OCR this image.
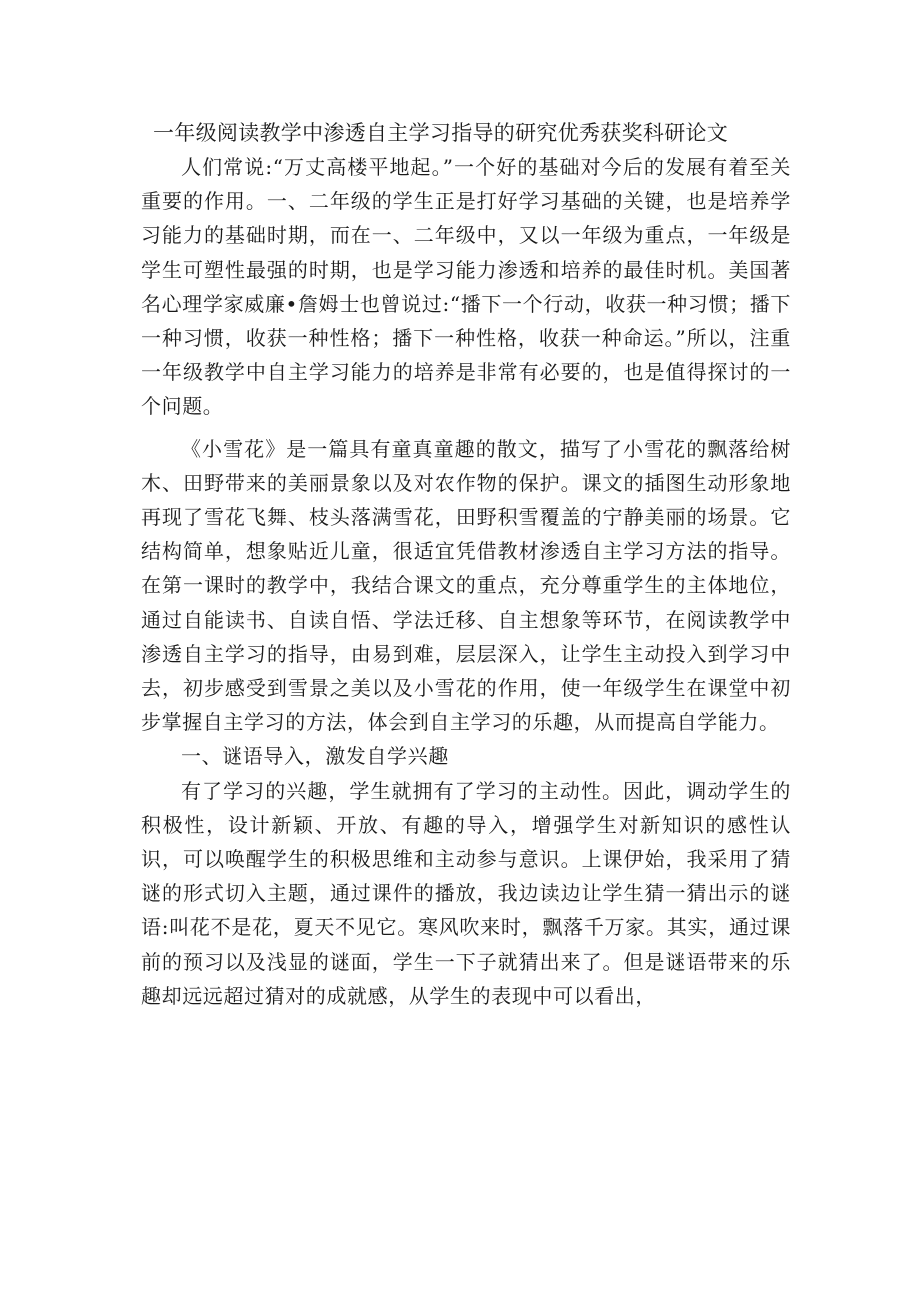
一年级阅读教学中渗透自主学习指导的研究优秀获奖科研论文

人们常说:“万丈高楼平地起。”一个好的基础对今后的发展有着至关重要的作用。一、二年级的学生正是打好学习基础的关键，也是培养学习能力的基础时期，而在一、二年级中，又以一年级为重点，一年级是学生可塑性最强的时期，也是学习能力渗透和培养的最佳时机。美国著名心理学家威廉•詹姆士也曾说过:“播下一个行动，收获一种习惯；播下一种习惯，收获一种性格；播下一种性格，收获一种命运。”所以，注重一年级教学中自主学习能力的培养是非常有必要的，也是值得探讨的一个问题。

《小雪花》是一篇具有童真童趣的散文，描写了小雪花的飘落给树木、田野带来的美丽景象以及对农作物的保护。课文的插图生动形象地再现了雪花飞舞、枝头落满雪花，田野积雪覆盖的宁静美丽的场景。它结构简单，想象贴近儿童，很适宜凭借教材渗透自主学习方法的指导。在第一课时的教学中，我结合课文的重点，充分尊重学生的主体地位，通过自能读书、自读自悟、学法迁移、自主想象等环节，在阅读教学中渗透自主学习的指导，由易到难，层层深入，让学生主动投入到学习中去，初步感受到雪景之美以及小雪花的作用，使一年级学生在课堂中初步掌握自主学习的方法，体会到自主学习的乐趣，从而提高自学能力。

一、谜语导入，激发自学兴趣

有了学习的兴趣，学生就拥有了学习的主动性。因此，调动学生的积极性，设计新颖、开放、有趣的导入，增强学生对新知识的感性认识，可以唤醒学生的积极思维和主动参与意识。上课伊始，我采用了猜谜的形式切入主题，通过课件的播放，我边读边让学生猜一猜出示的谜语:叫花不是花，夏天不见它。寒风吹来时，飘落千万家。其实，通过课前的预习以及浅显的谜面，学生一下子就猜出来了。但是谜语带来的乐趣却远远超过猜对的成就感，从学生的表现中可以看出，
